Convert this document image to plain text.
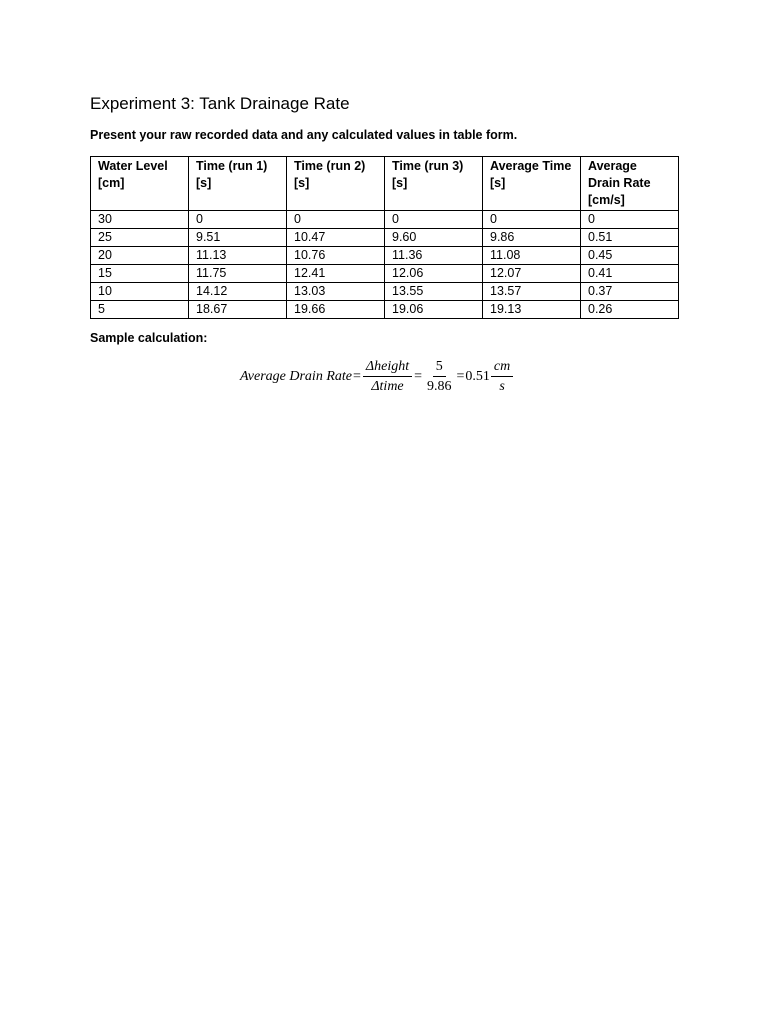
Experiment 3: Tank Drainage Rate
Present your raw recorded data and any calculated values in table form.
Water Level [cm]	Time (run 1) [s]	Time (run 2) [s]	Time (run 3) [s]	Average Time [s]	Average Drain Rate [cm/s]
30	0	0	0	0	0
25	9.51	10.47	9.60	9.86	0.51
20	11.13	10.76	11.36	11.08	0.45
15	11.75	12.41	12.06	12.07	0.41
10	14.12	13.03	13.55	13.57	0.37
5	18.67	19.66	19.06	19.13	0.26
Sample calculation:
Average Drain Rate = $\frac{\text{Δheight}}{\text{Δtime}} = \frac{5}{9.86} = 0.51 \frac{cm}{s}$
